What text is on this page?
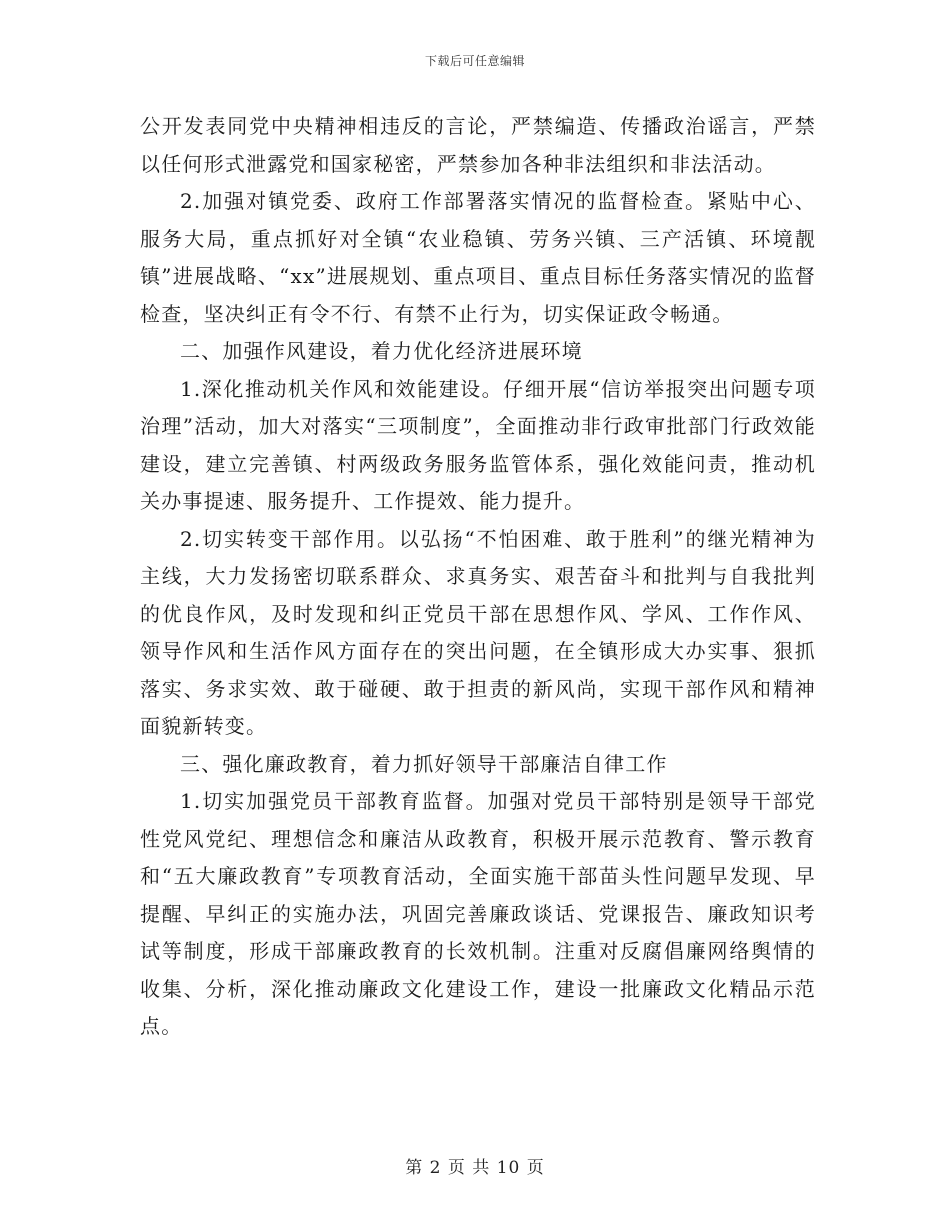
下载后可任意编辑

公开发表同党中央精神相违反的言论，严禁编造、传播政治谣言，严禁以任何形式泄露党和国家秘密，严禁参加各种非法组织和非法活动。

2.加强对镇党委、政府工作部署落实情况的监督检查。紧贴中心、服务大局，重点抓好对全镇“农业稳镇、劳务兴镇、三产活镇、环境靓镇”进展战略、“xx”进展规划、重点项目、重点目标任务落实情况的监督检查，坚决纠正有令不行、有禁不止行为，切实保证政令畅通。

二、加强作风建设，着力优化经济进展环境

1.深化推动机关作风和效能建设。仔细开展“信访举报突出问题专项治理”活动，加大对落实“三项制度”，全面推动非行政审批部门行政效能建设，建立完善镇、村两级政务服务监管体系，强化效能问责，推动机关办事提速、服务提升、工作提效、能力提升。

2.切实转变干部作用。以弘扬“不怕困难、敢于胜利”的继光精神为主线，大力发扬密切联系群众、求真务实、艰苦奋斗和批判与自我批判的优良作风，及时发现和纠正党员干部在思想作风、学风、工作作风、领导作风和生活作风方面存在的突出问题，在全镇形成大办实事、狠抓落实、务求实效、敢于碰硬、敢于担责的新风尚，实现干部作风和精神面貌新转变。

三、强化廉政教育，着力抓好领导干部廉洁自律工作

1.切实加强党员干部教育监督。加强对党员干部特别是领导干部党性党风党纪、理想信念和廉洁从政教育，积极开展示范教育、警示教育和“五大廉政教育”专项教育活动，全面实施干部苗头性问题早发现、早提醒、早纠正的实施办法，巩固完善廉政谈话、党课报告、廉政知识考试等制度，形成干部廉政教育的长效机制。注重对反腐倡廉网络舆情的收集、分析，深化推动廉政文化建设工作，建设一批廉政文化精品示范点。

第 2 页 共 10 页
